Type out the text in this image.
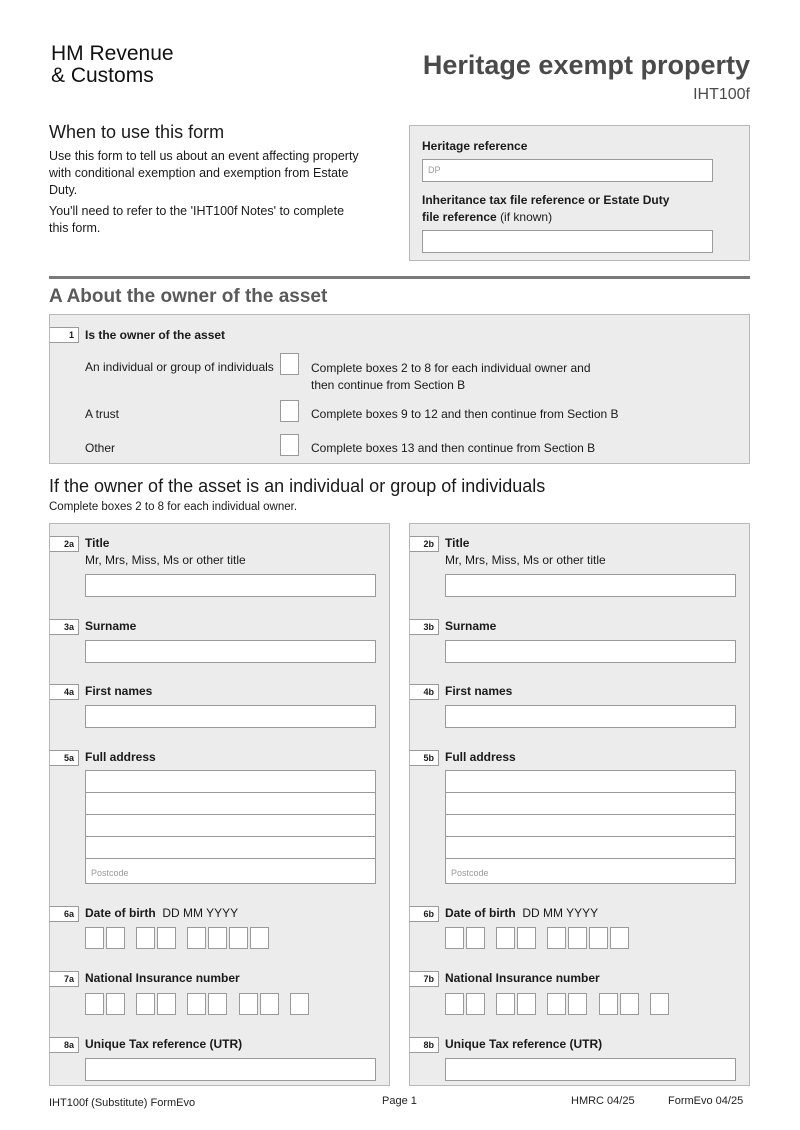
HM Revenue
& Customs	Heritage exempt property
IHT100f
When to use this form
Use this form to tell us about an event affecting property with conditional exemption and exemption from Estate Duty.
You'll need to refer to the 'IHT100f Notes' to complete this form.
Heritage reference
DP
Inheritance tax file reference or Estate Duty
file reference (if known)
A About the owner of the asset
1 Is the owner of the asset
An individual or group of individuals	Complete boxes 2 to 8 for each individual owner and
then continue from Section B
A trust	Complete boxes 9 to 12 and then continue from Section B
Other	Complete boxes 13 and then continue from Section B
If the owner of the asset is an individual or group of individuals
Complete boxes 2 to 8 for each individual owner.
2a Title
Mr, Mrs, Miss, Ms or other title
3a Surname
4a First names
5a Full address
Postcode
6a Date of birth DD MM YYYY
7a National Insurance number
8a Unique Tax reference (UTR)
2b Title
Mr, Mrs, Miss, Ms or other title
3b Surname
4b First names
5b Full address
Postcode
6b Date of birth DD MM YYYY
7b National Insurance number
8b Unique Tax reference (UTR)
IHT100f (Substitute) FormEvo	Page 1	HMRC 04/25	FormEvo 04/25
